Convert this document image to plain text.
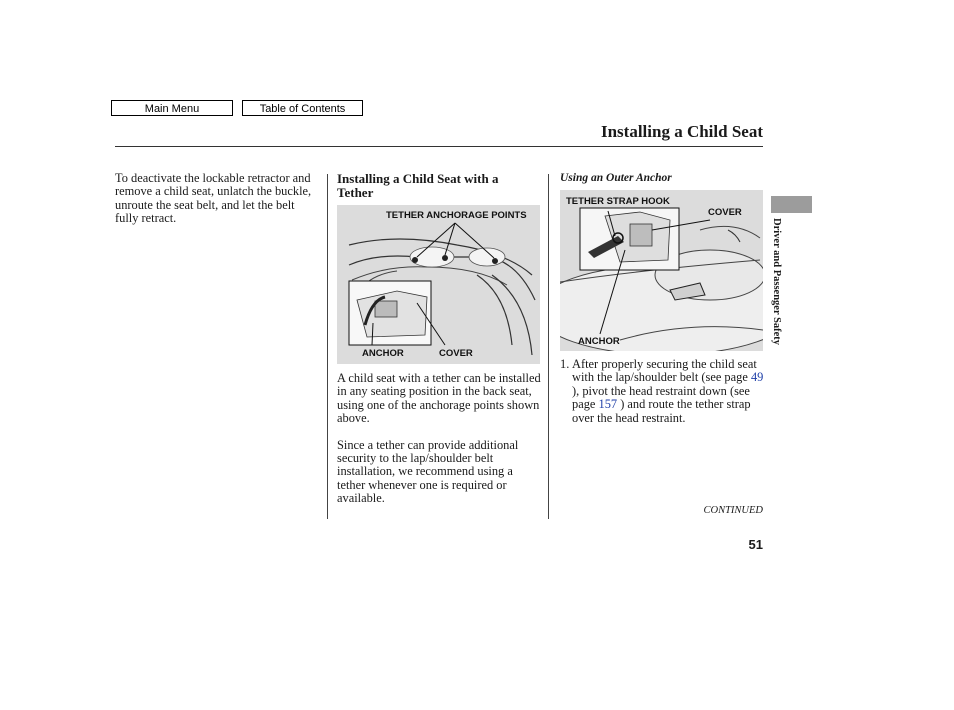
Main Menu	Table of Contents
Installing a Child Seat

To deactivate the lockable retractor and remove a child seat, unlatch the buckle, unroute the seat belt, and let the belt fully retract.

Installing a Child Seat with a
Tether
TETHER ANCHORAGE POINTS
ANCHOR	COVER

A child seat with a tether can be installed in any seating position in the back seat, using one of the anchorage points shown above.

Since a tether can provide additional security to the lap/shoulder belt installation, we recommend using a tether whenever one is required or available.

Using an Outer Anchor
TETHER STRAP HOOK
COVER
ANCHOR
1. After properly securing the child seat with the lap/shoulder belt (see page 49 ), pivot the head restraint down (see page 157 ) and route the tether strap over the head restraint.

CONTINUED
51
Driver and Passenger Safety
